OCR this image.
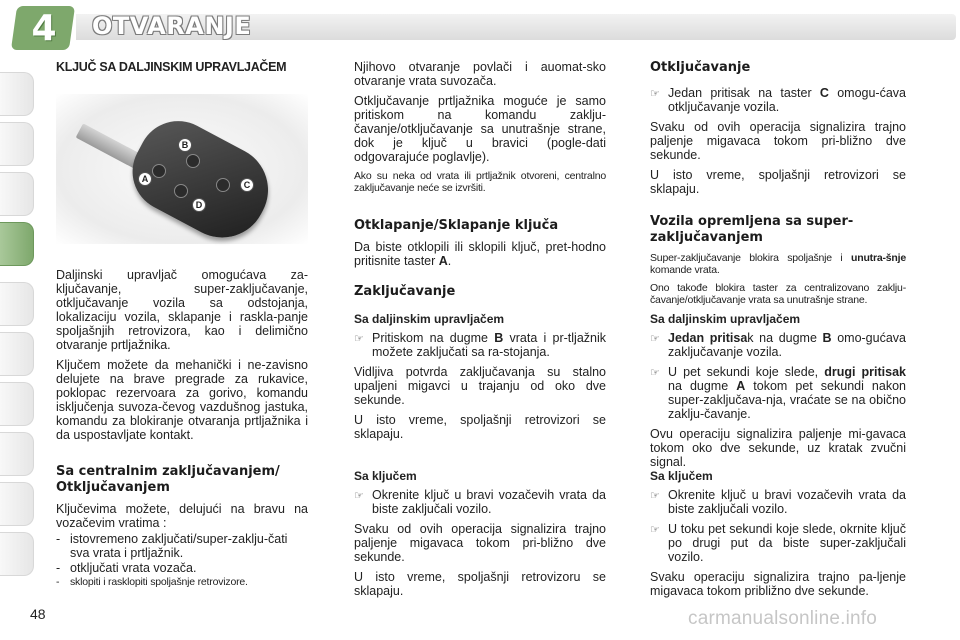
4	OTVARANJE
KLJUČ SA DALJINSKIM UPRAVLJAČEM
A
B
C
D

Daljinski upravljač omogućava za-ključavanje, super-zaključavanje, otključavanje vozila sa odstojanja, lokalizaciju vozila, sklapanje i raskla-panje spoljašnjih retrovizora, kao i delimično otvaranje prtljažnika.

Ključem možete da mehanički i ne-zavisno delujete na brave pregrade za rukavice, poklopac rezervoara za gorivo, komandu isključenja suvoza-čevog vazdušnog jastuka, komandu za blokiranje otvaranja prtljažnika i da uspostavljate kontakt.

Sa centralnim zaključavanjem/ Otključavanjem

Ključevima možete, delujući na bravu na vozačevim vratima :

- istovremeno zaključati/super-zaklju-čati sva vrata i prtljažnik.
- otključati vrata vozača.
-	sklopiti i rasklopiti spoljašnje retrovizore.

Njihovo otvaranje povlači i auomat-sko otvaranje vrata suvozača.

Otključavanje prtljažnika moguće je samo pritiskom na komandu zaklju-čavanje/otključavanje sa unutrašnje strane, dok je ključ u bravici (pogle-dati odgovarajuće poglavlje).

Ako su neka od vrata ili prtljažnik otvoreni, centralno zaključavanje neće se izvršiti.

Otklapanje/Sklapanje ključa

Da biste otklopili ili sklopili ključ, pret-hodno pritisnite taster A.

Zaključavanje
Sa daljinskim upravljačem
☞ Pritiskom na dugme B vrata i pr-tljažnik možete zaključati sa ra-stojanja.

Vidljiva potvrda zaključavanja su stalno upaljeni migavci u trajanju od oko dve sekunde.

U isto vreme, spoljašnji retrovizori se sklapaju.

Sa ključem
☞ Okrenite ključ u bravi vozačevih vrata da biste zaključali vozilo.

Svaku od ovih operacija signalizira trajno paljenje migavaca tokom pri-bližno dve sekunde.

U isto vreme, spoljašnji retrovizoru se sklapaju.

Otključavanje
☞ Jedan pritisak na taster C omogu-ćava otključavanje vozila.

Svaku od ovih operacija signalizira trajno paljenje migavaca tokom pri-bližno dve sekunde.

U isto vreme, spoljašnji retrovizori se sklapaju.

Vozila opremljena sa super-zaključavanjem

Super-zaključavanje blokira spoljašnje i unutra-šnje komande vrata.

Ono takođe blokira taster za centralizovano zaklju-čavanje/otključavanje vrata sa unutrašnje strane.

Sa daljinskim upravljačem
☞ Jedan pritisak na dugme B omo-gućava zaključavanje vozila.
☞ U pet sekundi koje slede, drugi pritisak na dugme A tokom pet sekundi nakon super-zaključava-nja, vraćate se na obično zaklju-čavanje.

Ovu operaciju signalizira paljenje mi-gavaca tokom oko dve sekunde, uz kratak zvučni signal.

Sa ključem
☞ Okrenite ključ u bravi vozačevih vrata da biste zaključali vozilo.
☞ U toku pet sekundi koje slede, okrnite ključ po drugi put da biste super-zaključali vozilo.

Svaku operaciju signalizira trajno pa-ljenje migavaca tokom približno dve sekunde.

48	carmanualsonline.info
